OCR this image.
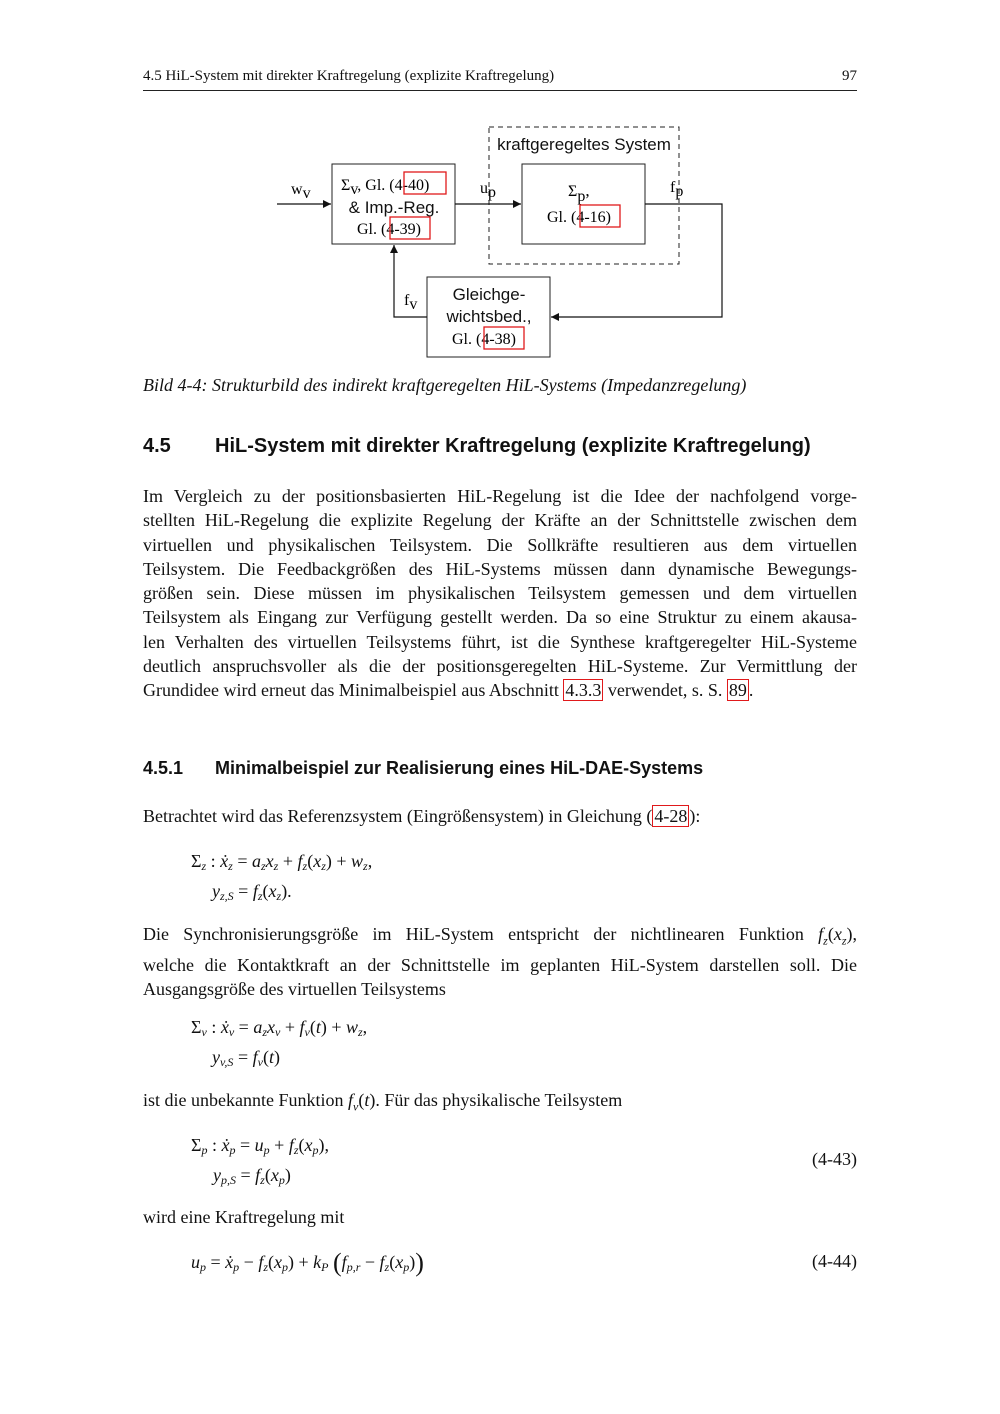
4.5 HiL-System mit direkter Kraftregelung (explizite Kraftregelung)	97
kraftgeregeltes System
Σv, Gl. (4-40)
& Imp.-Reg.
Gl. (4-39)
Σp,
Gl. (4-16)
Gleichge-
wichtsbed.,
Gl. (4-38)
wv	up	fp
fv
Bild 4-4: Strukturbild des indirekt kraftgeregelten HiL-Systems (Impedanzregelung)
4.5 HiL-System mit direkter Kraftregelung (explizite Kraftregelung)
Im Vergleich zu der positionsbasierten HiL-Regelung ist die Idee der nachfolgend vorge-
stellten HiL-Regelung die explizite Regelung der Kräfte an der Schnittstelle zwischen dem
virtuellen und physikalischen Teilsystem. Die Sollkräfte resultieren aus dem virtuellen
Teilsystem. Die Feedbackgrößen des HiL-Systems müssen dann dynamische Bewegungs-
größen sein. Diese müssen im physikalischen Teilsystem gemessen und dem virtuellen
Teilsystem als Eingang zur Verfügung gestellt werden. Da so eine Struktur zu einem akausa-
len Verhalten des virtuellen Teilsystems führt, ist die Synthese kraftgeregelter HiL-Systeme
deutlich anspruchsvoller als die der positionsgeregelten HiL-Systeme. Zur Vermittlung der
Grundidee wird erneut das Minimalbeispiel aus Abschnitt 4.3.3 verwendet, s. S. 89 .
4.5.1 Minimalbeispiel zur Realisierung eines HiL-DAE-Systems
Betrachtet wird das Referenzsystem (Eingrößensystem) in Gleichung ( 4-28 ):
$\Sigma_z$ : ẋ$_z$ = $a_zx_z + f_z(x_z) + w_z$,
$y_{z,S} = f_z(x_z)$.
Die Synchronisierungsgröße im HiL-System entspricht der nichtlinearen Funktion $f_z(x_z)$,
welche die Kontaktkraft an der Schnittstelle im geplanten HiL-System darstellen soll. Die
Ausgangsgröße des virtuellen Teilsystems
$\Sigma_v$ : ẋ$_v$ = $a_zx_v + f_v(t) + w_z$,
$y_{v,S} = f_v(t)$
ist die unbekannte Funktion $f_v(t)$. Für das physikalische Teilsystem
$\Sigma_p$ : ẋ$_p$ = $u_p + f_z(x_p)$,
$y_{p,S} = f_z(x_p)$
(4-43)
wird eine Kraftregelung mit
$u_p$ = ẋ$_p$ − $f_z(x_p) + k_P$ $(f_{p,r} - f_z(x_p))$	(4-44)
